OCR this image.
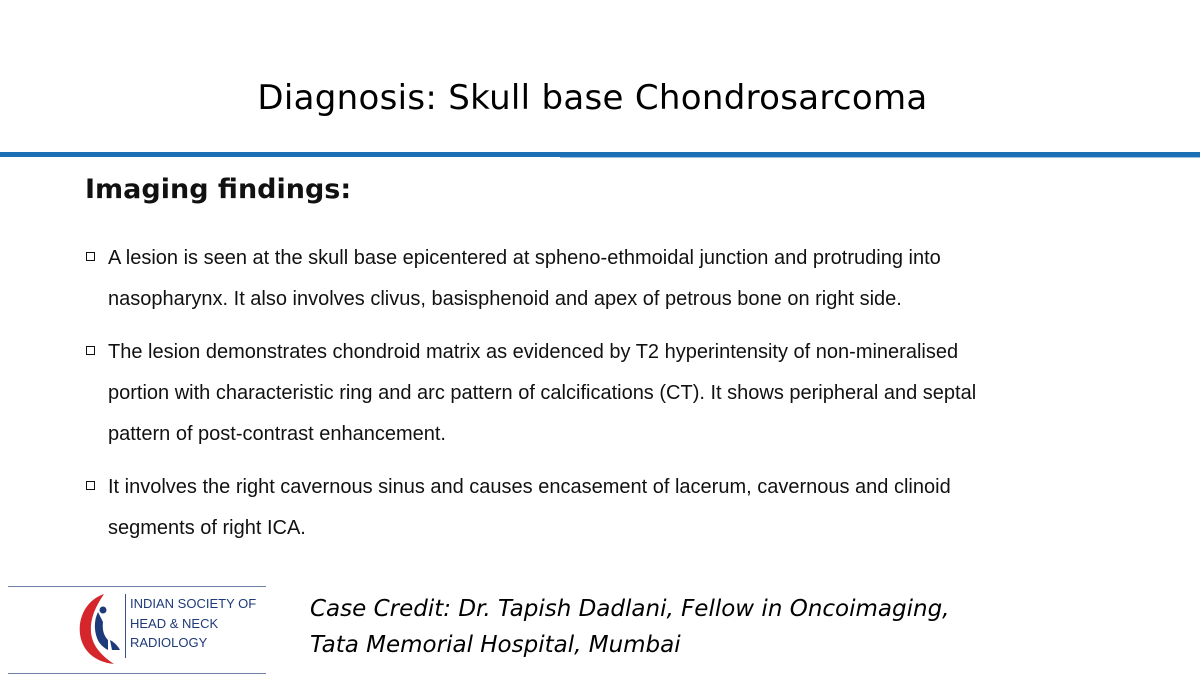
Diagnosis: Skull base Chondrosarcoma
Imaging findings:
A lesion is seen at the skull base epicentered at spheno-ethmoidal junction and protruding into
nasopharynx. It also involves clivus, basisphenoid and apex of petrous bone on right side.
The lesion demonstrates chondroid matrix as evidenced by T2 hyperintensity of non-mineralised
portion with characteristic ring and arc pattern of calcifications (CT). It shows peripheral and septal
pattern of post-contrast enhancement.
It involves the right cavernous sinus and causes encasement of lacerum, cavernous and clinoid
segments of right ICA.
INDIAN SOCIETY OF
HEAD & NECK
RADIOLOGY
Case Credit: Dr. Tapish Dadlani, Fellow in Oncoimaging,
Tata Memorial Hospital, Mumbai
